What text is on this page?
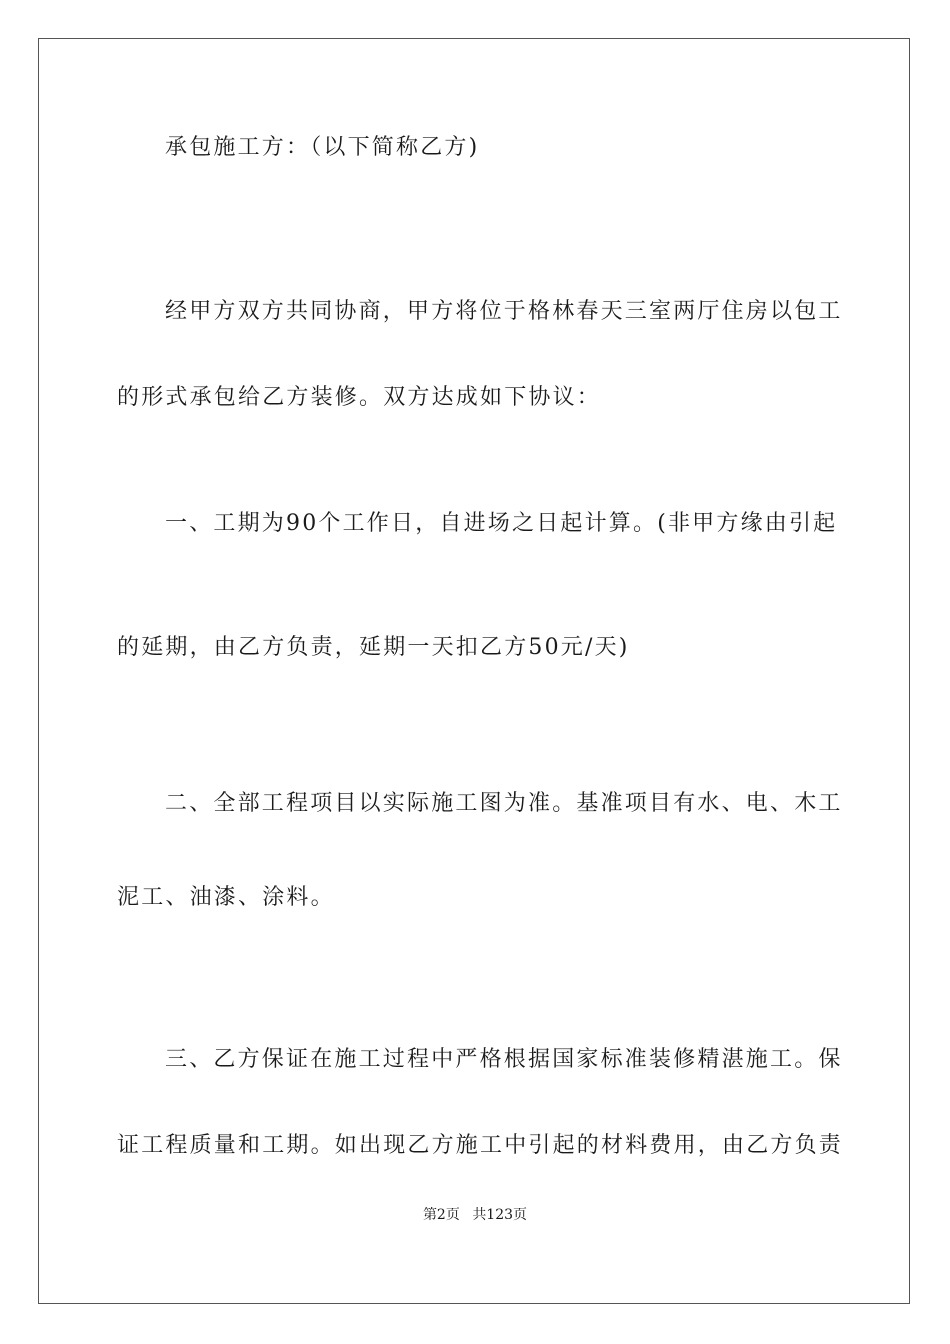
承包施工方：（以下简称乙方)
经甲方双方共同协商，甲方将位于格林春天三室两厅住房以包工
的形式承包给乙方装修。双方达成如下协议：
一、工期为90个工作日，自进场之日起计算。(非甲方缘由引起
的延期，由乙方负责，延期一天扣乙方50元/天)
二、全部工程项目以实际施工图为准。基准项目有水、电、木工
泥工、油漆、涂料。
三、乙方保证在施工过程中严格根据国家标准装修精湛施工。保
证工程质量和工期。如出现乙方施工中引起的材料费用，由乙方负责
第2页 共123页
